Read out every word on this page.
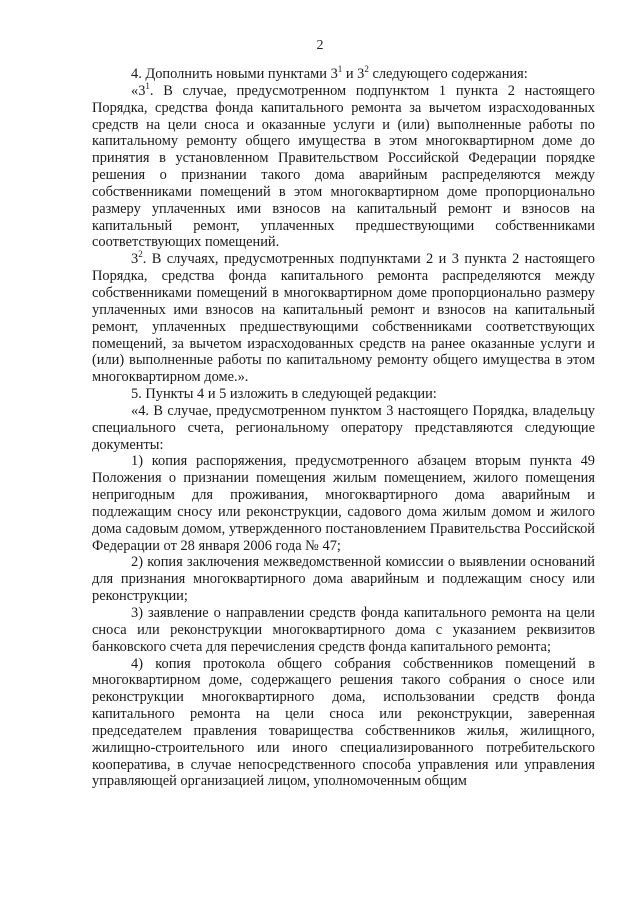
2

4. Дополнить новыми пунктами $3^1$ и $3^2$ следующего содержания:

«$3^1$. В случае, предусмотренном подпунктом 1 пункта 2 настоящего Порядка, средства фонда капитального ремонта за вычетом израсходованных средств на цели сноса и оказанные услуги и (или) выполненные работы по капитальному ремонту общего имущества в этом многоквартирном доме до принятия в установленном Правительством Российской Федерации порядке решения о признании такого дома аварийным распределяются между собственниками помещений в этом многоквартирном доме пропорционально размеру уплаченных ими взносов на капитальный ремонт и взносов на капитальный ремонт, уплаченных предшествующими собственниками соответствующих помещений.

$3^2$. В случаях, предусмотренных подпунктами 2 и 3 пункта 2 настоящего Порядка, средства фонда капитального ремонта распределяются между собственниками помещений в многоквартирном доме пропорционально размеру уплаченных ими взносов на капитальный ремонт и взносов на капитальный ремонт, уплаченных предшествующими собственниками соответствующих помещений, за вычетом израсходованных средств на ранее оказанные услуги и (или) выполненные работы по капитальному ремонту общего имущества в этом многоквартирном доме.».

5. Пункты 4 и 5 изложить в следующей редакции:

«4. В случае, предусмотренном пунктом 3 настоящего Порядка, владельцу специального счета, региональному оператору представляются следующие документы:

1) копия распоряжения, предусмотренного абзацем вторым пункта 49 Положения о признании помещения жилым помещением, жилого помещения непригодным для проживания, многоквартирного дома аварийным и подлежащим сносу или реконструкции, садового дома жилым домом и жилого дома садовым домом, утвержденного постановлением Правительства Российской Федерации от 28 января 2006 года № 47;

2) копия заключения межведомственной комиссии о выявлении оснований для признания многоквартирного дома аварийным и подлежащим сносу или реконструкции;

3) заявление о направлении средств фонда капитального ремонта на цели сноса или реконструкции многоквартирного дома с указанием реквизитов банковского счета для перечисления средств фонда капитального ремонта;

4) копия протокола общего собрания собственников помещений в многоквартирном доме, содержащего решения такого собрания о сносе или реконструкции многоквартирного дома, использовании средств фонда капитального ремонта на цели сноса или реконструкции, заверенная председателем правления товарищества собственников жилья, жилищного, жилищно-строительного или иного специализированного потребительского кооператива, в случае непосредственного способа управления или управления управляющей организацией лицом, уполномоченным общим
